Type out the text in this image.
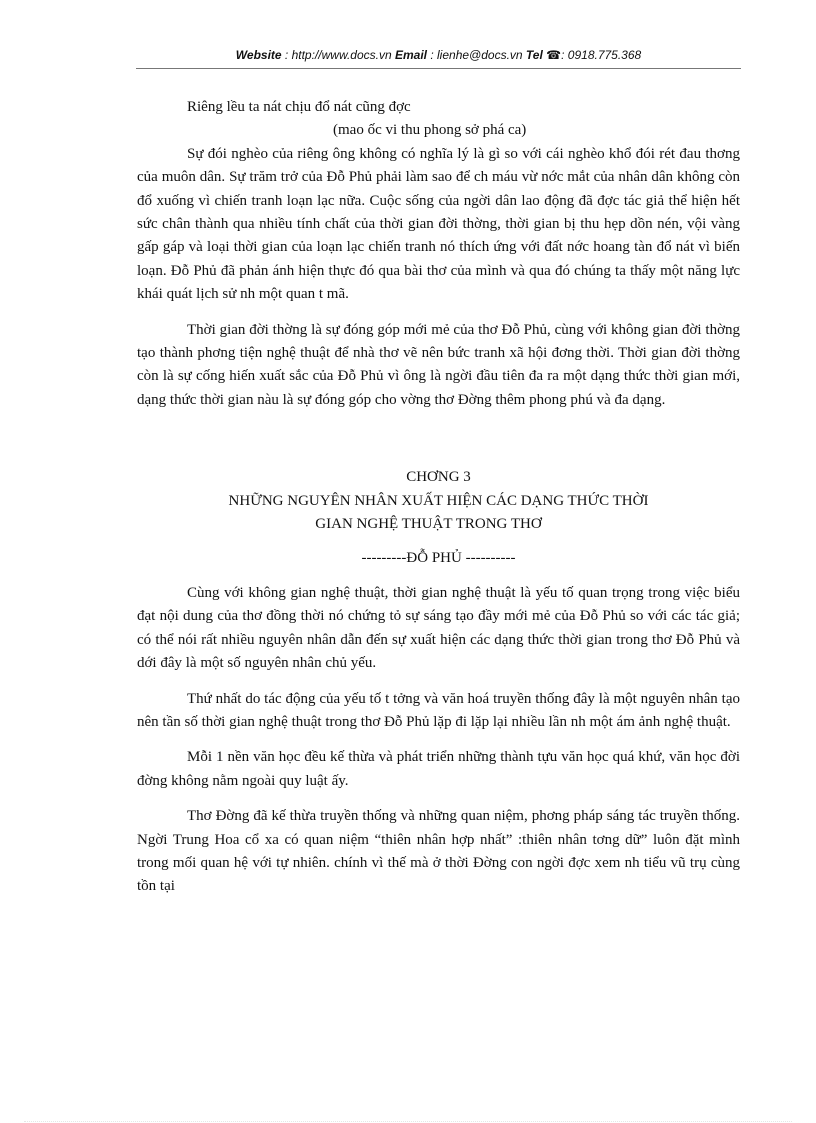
Website : http://www.docs.vn Email : lienhe@docs.vn Tel ☎: 0918.775.368

Riêng lều ta nát chịu đổ nát cũng đợc

(mao ốc vi thu phong sở phá ca)

Sự đói nghèo của riêng ông không có nghĩa lý là gì so với cái nghèo khổ đói rét đau thơng của muôn dân. Sự trăm trở của Đỗ Phủ phải làm sao để ch máu vừ nớc mắt của nhân dân không còn đổ xuống vì chiến tranh loạn lạc nữa. Cuộc sống của ngời dân lao động đã đợc tác giả thể hiện hết sức chân thành qua nhiều tính chất của thời gian đời thờng, thời gian bị thu hẹp dồn nén, vội vàng gấp gáp và loại thời gian của loạn lạc chiến tranh nó thích ứng với đất nớc hoang tàn đổ nát vì biến loạn. Đỗ Phủ đã phản ánh hiện thực đó qua bài thơ của mình và qua đó chúng ta thấy một năng lực khái quát lịch sử nh một quan t mã.

Thời gian đời thờng là sự đóng góp mới mẻ của thơ Đỗ Phủ, cùng với không gian đời thờng tạo thành phơng tiện nghệ thuật để nhà thơ vẽ nên bức tranh xã hội đơng thời. Thời gian đời thờng còn là sự cống hiến xuất sắc của Đỗ Phủ vì ông là ngời đầu tiên đa ra một dạng thức thời gian mới, dạng thức thời gian nàu là sự đóng góp cho vờng thơ Đờng thêm phong phú và đa dạng.

CHƠNG 3

NHỮNG NGUYÊN NHÂN XUẤT HIỆN CÁC DẠNG THỨC THỜI

GIAN NGHỆ THUẬT TRONG THƠ

---------ĐỖ PHỦ ----------

Cùng với không gian nghệ thuật, thời gian nghệ thuật là yếu tố quan trọng trong việc biểu đạt nội dung của thơ đồng thời nó chứng tỏ sự sáng tạo đầy mới mẻ của Đỗ Phủ so với các tác giả; có thể nói rất nhiều nguyên nhân dẫn đến sự xuất hiện các dạng thức thời gian trong thơ Đỗ Phủ và dới đây là một số nguyên nhân chủ yếu.

Thứ nhất do tác động của yếu tố t tởng và văn hoá truyền thống đây là một nguyên nhân tạo nên tần số thời gian nghệ thuật trong thơ Đỗ Phủ lặp đi lặp lại nhiều lần nh một ám ảnh nghệ thuật.

Mỗi 1 nền văn học đều kế thừa và phát triển những thành tựu văn học quá khứ, văn học đời đờng không nằm ngoài quy luật ấy.

Thơ Đờng đã kế thừa truyền thống và những quan niệm, phơng pháp sáng tác truyền thống. Ngời Trung Hoa cổ xa có quan niệm “thiên nhân hợp nhất” :thiên nhân tơng dữ” luôn đặt mình trong mối quan hệ với tự nhiên. chính vì thế mà ở thời Đờng con ngời đợc xem nh tiểu vũ trụ cùng tồn tại
